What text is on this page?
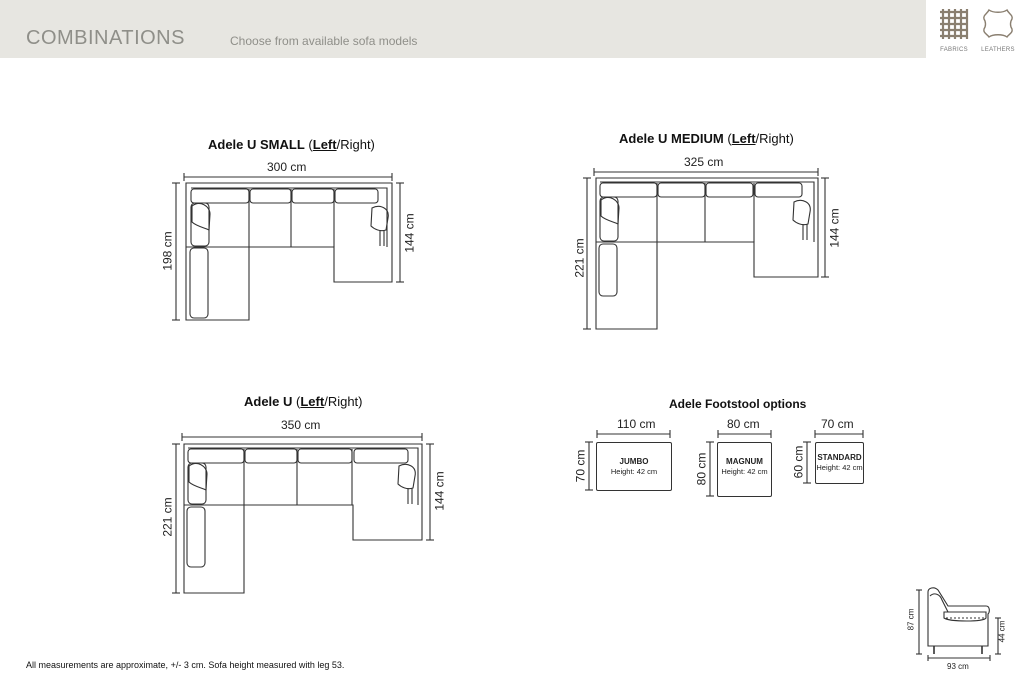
COMBINATIONS	Choose from available sofa models
FABRICS	LEATHERS
Adele U SMALL (Left/Right)	Adele U MEDIUM (Left/Right)
Adele U (Left/Right)
300 cm
198 cm	144 cm
325 cm
221 cm
144 cm
350 cm
221 cm
144 cm
Adele Footstool options
110 cm
70 cm	JUMBO
Height: 42 cm
80 cm
80 cm	MAGNUM
Height: 42 cm
70 cm
60 cm STANDARD
Height: 42 cm
87 cm
44 cm
93 cm
All measurements are approximate, +/- 3 cm. Sofa height measured with leg 53.
